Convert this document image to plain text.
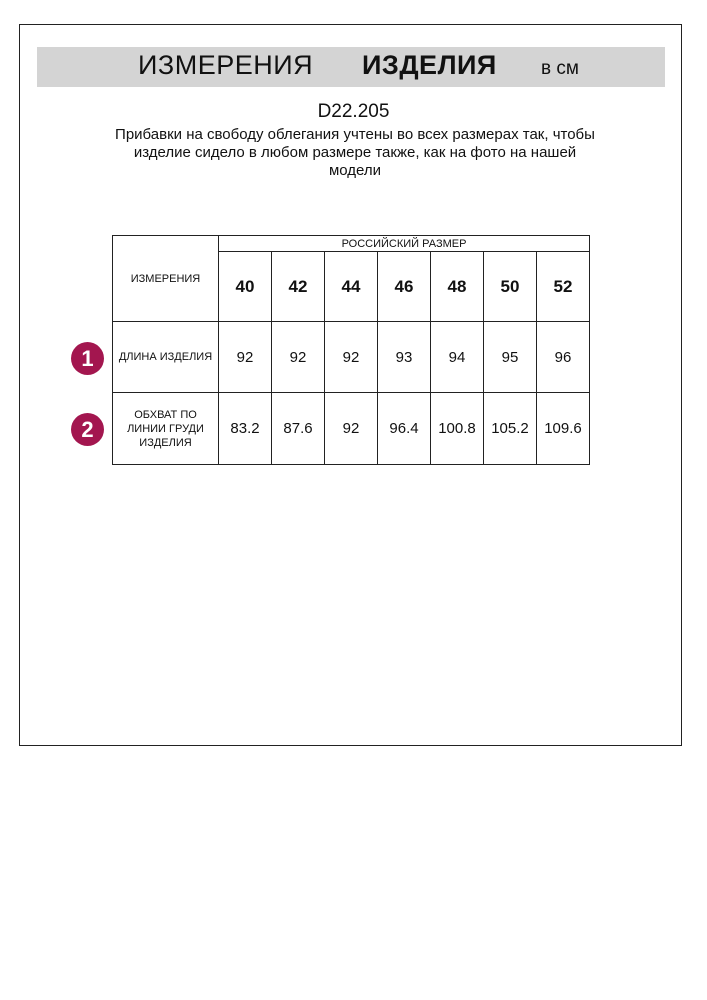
ИЗМЕРЕНИЯ ИЗДЕЛИЯ в см
D22.205
Прибавки на свободу облегания учтены во всех размерах так, чтобы изделие сидело в любом размере также, как на фото на нашей модели
ИЗМЕРЕНИЯ	РОССИЙСКИЙ РАЗМЕР						
	40	42	44	46	48	50	52
ДЛИНА ИЗДЕЛИЯ	92	92	92	93	94	95	96

ОБХВАТ ПО
ЛИНИИ ГРУДИ
ИЗДЕЛИЯ	83.2	87.6	92	96.4	100.8	105.2	109.6
1
2
